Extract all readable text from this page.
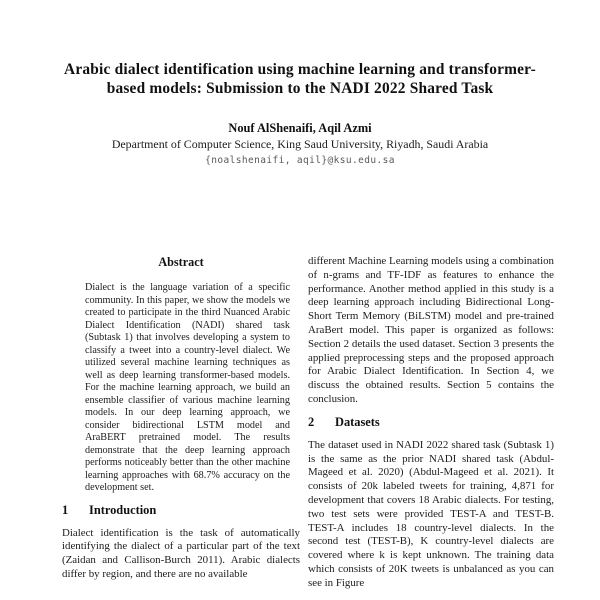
Arabic dialect identification using machine learning and transformer-
based models: Submission to the NADI 2022 Shared Task
Nouf AlShenaifi, Aqil Azmi
Department of Computer Science, King Saud University, Riyadh, Saudi Arabia
{noalshenaifi, aqil}@ksu.edu.sa
Abstract

Dialect is the language variation of a specific community. In this paper, we show the models we created to participate in the third Nuanced Arabic Dialect Identification (NADI) shared task (Subtask 1) that involves developing a system to classify a tweet into a country-level dialect. We utilized several machine learning techniques as well as deep learning transformer-based models. For the machine learning approach, we build an ensemble classifier of various machine learning models. In our deep learning approach, we consider bidirectional LSTM model and AraBERT pretrained model. The results demonstrate that the deep learning approach performs noticeably better than the other machine learning approaches with 68.7% accuracy on the development set.

1 Introduction

Dialect identification is the task of automatically identifying the dialect of a particular part of the text (Zaidan and Callison-Burch 2011). Arabic dialects differ by region, and there are no available

different Machine Learning models using a combination of n-grams and TF-IDF as features to enhance the performance. Another method applied in this study is a deep learning approach including Bidirectional Long-Short Term Memory (BiLSTM) model and pre-trained AraBert model. This paper is organized as follows: Section 2 details the used dataset. Section 3 presents the applied preprocessing steps and the proposed approach for Arabic Dialect Identification. In Section 4, we discuss the obtained results. Section 5 contains the conclusion.

2 Datasets

The dataset used in NADI 2022 shared task (Subtask 1) is the same as the prior NADI shared task (Abdul-Mageed et al. 2020) (Abdul-Mageed et al. 2021). It consists of 20k labeled tweets for training, 4,871 for development that covers 18 Arabic dialects. For testing, two test sets were provided TEST-A and TEST-B. TEST-A includes 18 country-level dialects. In the second test (TEST-B), K country-level dialects are covered where k is kept unknown. The training data which consists of 20K tweets is unbalanced as you can see in Figure
